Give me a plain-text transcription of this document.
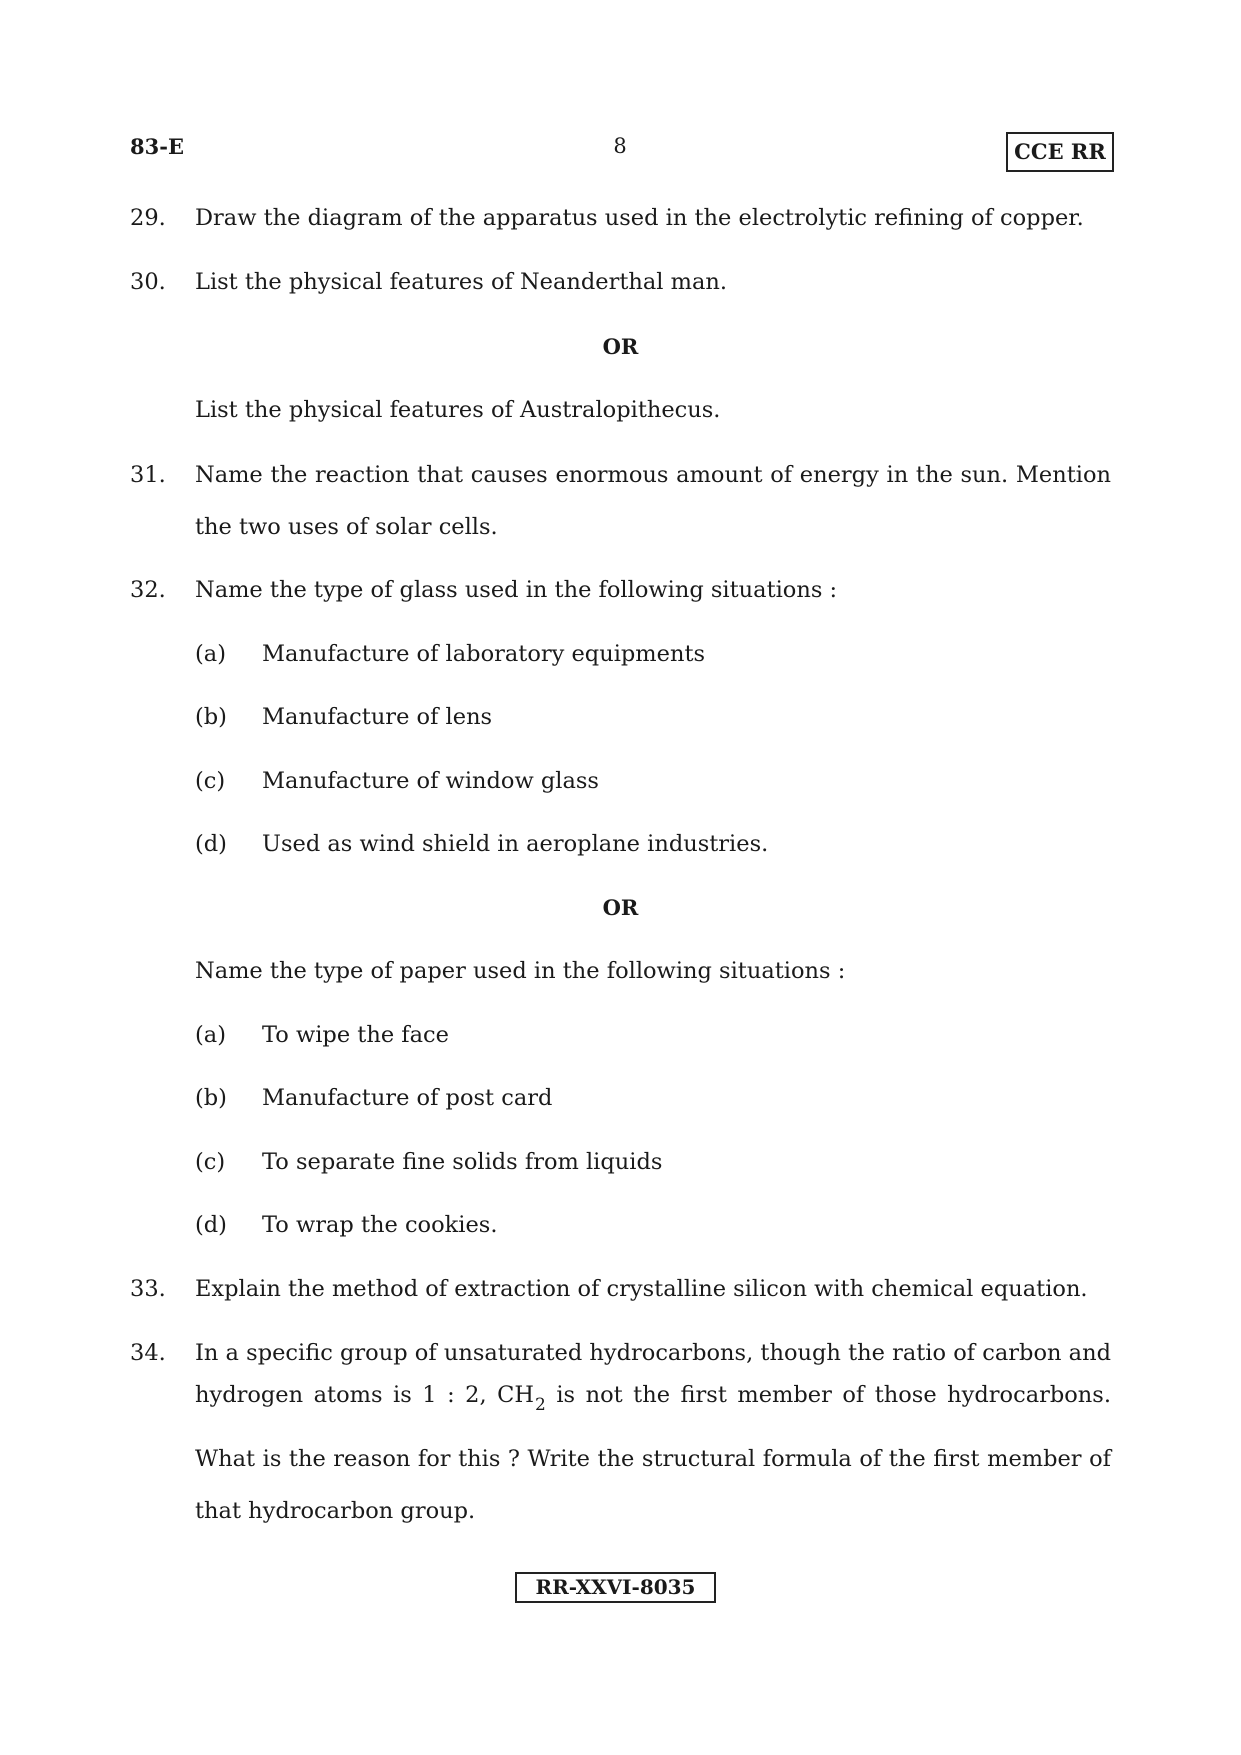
83-E	8	CCE RR
29. Draw the diagram of the apparatus used in the electrolytic refining of copper.
30. List the physical features of Neanderthal man.
OR
List the physical features of Australopithecus.
31. Name the reaction that causes enormous amount of energy in the sun. Mention
the two uses of solar cells.
32. Name the type of glass used in the following situations :
(a) Manufacture of laboratory equipments
(b) Manufacture of lens
(c) Manufacture of window glass
(d) Used as wind shield in aeroplane industries.
OR
Name the type of paper used in the following situations :
(a) To wipe the face
(b) Manufacture of post card
(c) To separate fine solids from liquids
(d) To wrap the cookies.
33. Explain the method of extraction of crystalline silicon with chemical equation.
34. In a specific group of unsaturated hydrocarbons, though the ratio of carbon and
hydrogen atoms is 1 : 2, $CH_2$ is not the first member of those hydrocarbons.
What is the reason for this ? Write the structural formula of the first member of
that hydrocarbon group.
RR-XXVI-8035
